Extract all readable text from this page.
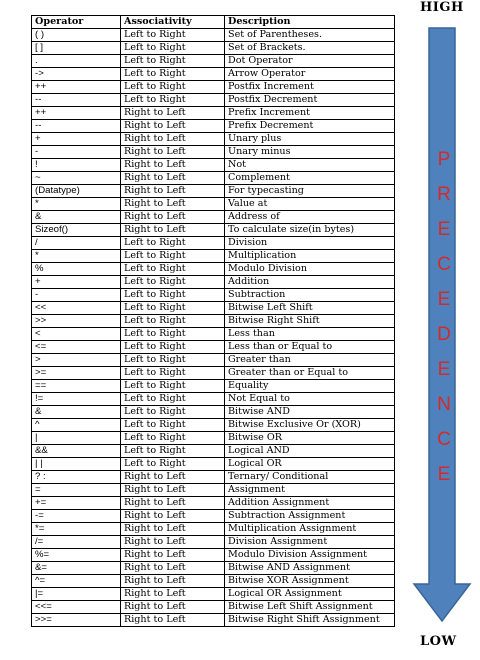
Operator	Associativity	Description
( )	Left to Right	Set of Parentheses.
[ ]	Left to Right	Set of Brackets.
.	Left to Right	Dot Operator
->	Left to Right	Arrow Operator
++	Left to Right	Postfix Increment
--	Left to Right	Postfix Decrement
++	Right to Left	Prefix Increment
--	Right to Left	Prefix Decrement
+	Right to Left	Unary plus
-	Right to Left	Unary minus
!	Right to Left	Not
~	Right to Left	Complement
(Datatype)	Right to Left	For typecasting
*	Right to Left	Value at
&	Right to Left	Address of
Sizeof()	Right to Left	To calculate size(in bytes)
/	Left to Right	Division
*	Left to Right	Multiplication
%	Left to Right	Modulo Division
+	Left to Right	Addition
-	Left to Right	Subtraction
<<	Left to Right	Bitwise Left Shift
>>	Left to Right	Bitwise Right Shift
<	Left to Right	Less than
<=	Left to Right	Less than or Equal to
>	Left to Right	Greater than
>=	Left to Right	Greater than or Equal to
==	Left to Right	Equality
!=	Left to Right	Not Equal to
&	Left to Right	Bitwise AND
^	Left to Right	Bitwise Exclusive Or (XOR)
|	Left to Right	Bitwise OR
&&	Left to Right	Logical AND
| |	Left to Right	Logical OR
? :	Right to Left	Ternary/ Conditional
=	Right to Left	Assignment
+=	Right to Left	Addition Assignment
-=	Right to Left	Subtraction Assignment
*=	Right to Left	Multiplication Assignment
/=	Right to Left	Division Assignment
%=	Right to Left	Modulo Division Assignment
&=	Right to Left	Bitwise AND Assignment
^=	Right to Left	Bitwise XOR Assignment
|=	Right to Left	Logical OR Assignment
<<=	Right to Left	Bitwise Left Shift Assignment
>>=	Right to Left	Bitwise Right Shift Assignment
HIGH
P
R
E
C
E
D
E
N
C
E
LOW
